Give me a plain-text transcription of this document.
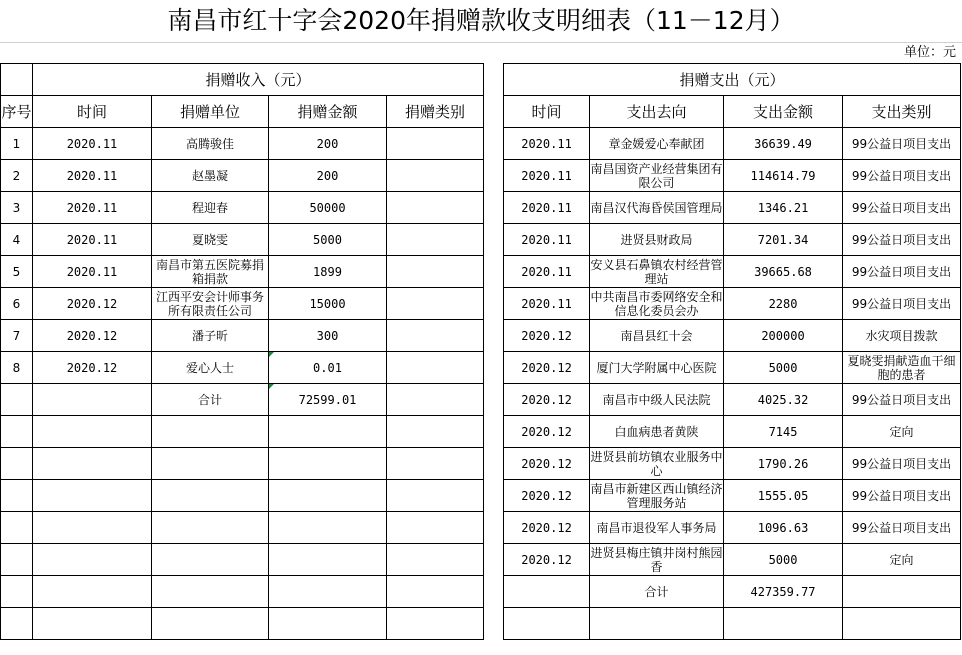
南昌市红十字会2020年捐赠款收支明细表（11－12月）
单位：元
	捐赠收入（元）					捐赠支出（元）			
序号	时间	捐赠单位	捐赠金额	捐赠类别		时间	支出去向	支出金额	支出类别
1	2020.11	高腾骏佳	200			2020.11	章金媛爱心奉献团	36639.49	99公益日项目支出
2	2020.11	赵墨凝	200			2020.11	南昌国资产业经营集团有限公司	114614.79	99公益日项目支出
3	2020.11	程迎春	50000			2020.11	南昌汉代海昏侯国管理局	1346.21	99公益日项目支出
4	2020.11	夏晓雯	5000			2020.11	进贤县财政局	7201.34	99公益日项目支出
5	2020.11	南昌市第五医院募捐箱捐款	1899			2020.11	安义县石鼻镇农村经营管理站	39665.68	99公益日项目支出
6	2020.12	江西平安会计师事务所有限责任公司	15000			2020.11	中共南昌市委网络安全和信息化委员会办	2280	99公益日项目支出
7	2020.12	潘子昕	300			2020.12	南昌县红十会	200000	水灾项目拨款
8	2020.12	爱心人士	0.01			2020.12	厦门大学附属中心医院	5000	夏晓雯捐献造血干细胞的患者
		合计	72599.01			2020.12	南昌市中级人民法院	4025.32	99公益日项目支出
						2020.12	白血病患者黄陕	7145	定向
						2020.12	进贤县前坊镇农业服务中心	1790.26	99公益日项目支出
						2020.12	南昌市新建区西山镇经济管理服务站	1555.05	99公益日项目支出
						2020.12	南昌市退役军人事务局	1096.63	99公益日项目支出
						2020.12	进贤县梅庄镇井岗村熊园香	5000	定向
							合计	427359.77	
